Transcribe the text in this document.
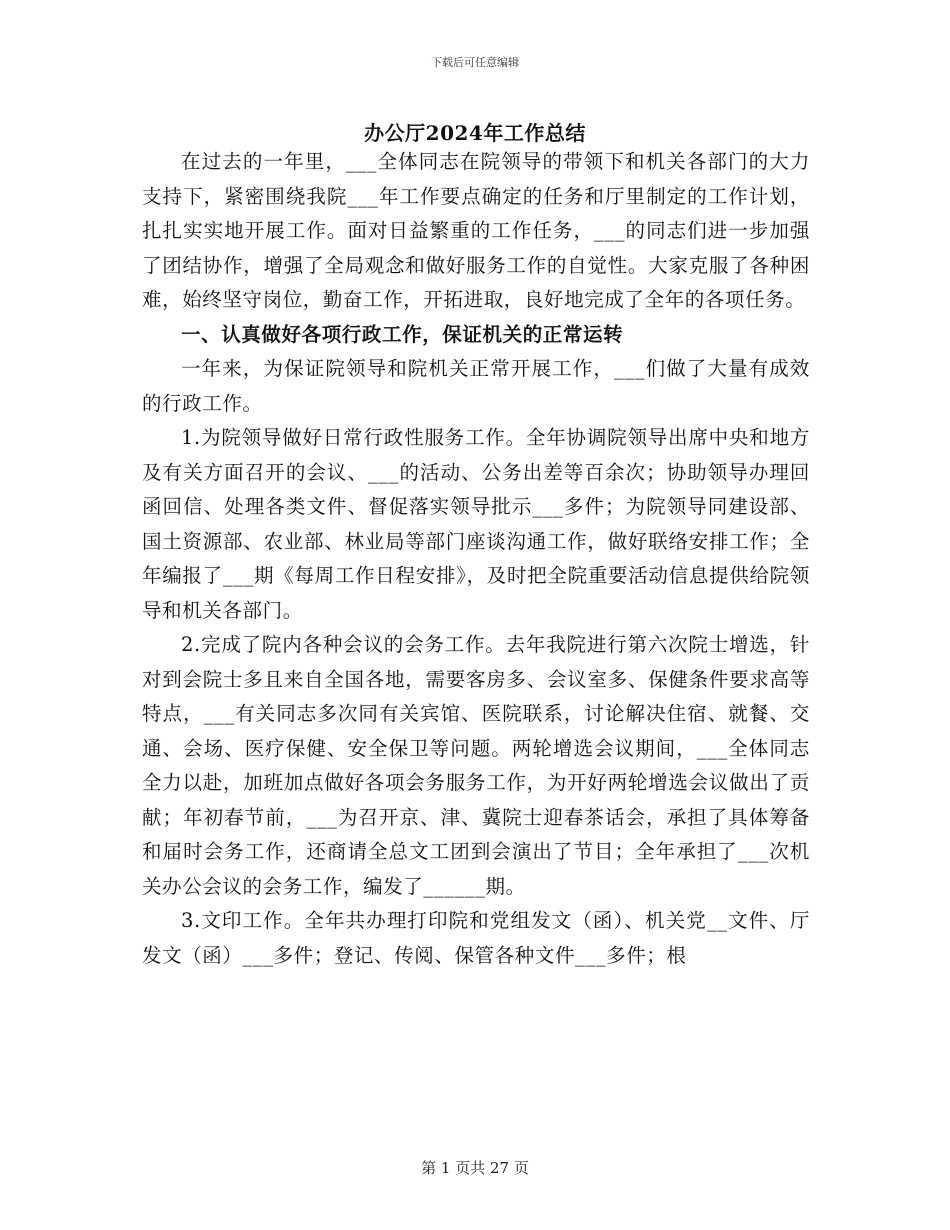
下载后可任意编辑
办公厅2024年工作总结

在过去的一年里，___全体同志在院领导的带领下和机关各部门的大力支持下，紧密围绕我院___年工作要点确定的任务和厅里制定的工作计划，扎扎实实地开展工作。面对日益繁重的工作任务，___的同志们进一步加强了团结协作，增强了全局观念和做好服务工作的自觉性。大家克服了各种困难，始终坚守岗位，勤奋工作，开拓进取，良好地完成了全年的各项任务。

一、认真做好各项行政工作，保证机关的正常运转

一年来，为保证院领导和院机关正常开展工作，___们做了大量有成效的行政工作。

1.为院领导做好日常行政性服务工作。全年协调院领导出席中央和地方及有关方面召开的会议、___的活动、公务出差等百余次；协助领导办理回函回信、处理各类文件、督促落实领导批示___多件；为院领导同建设部、国土资源部、农业部、林业局等部门座谈沟通工作，做好联络安排工作；全年编报了___期《每周工作日程安排》，及时把全院重要活动信息提供给院领导和机关各部门。

2.完成了院内各种会议的会务工作。去年我院进行第六次院士增选，针对到会院士多且来自全国各地，需要客房多、会议室多、保健条件要求高等特点，___有关同志多次同有关宾馆、医院联系，讨论解决住宿、就餐、交通、会场、医疗保健、安全保卫等问题。两轮增选会议期间，___全体同志全力以赴，加班加点做好各项会务服务工作，为开好两轮增选会议做出了贡献；年初春节前，___为召开京、津、冀院士迎春茶话会，承担了具体筹备和届时会务工作，还商请全总文工团到会演出了节目；全年承担了___次机关办公会议的会务工作，编发了______期。

3.文印工作。全年共办理打印院和党组发文（函）、机关党__文件、厅发文（函）___多件；登记、传阅、保管各种文件___多件；根

第 1 页共 27 页
